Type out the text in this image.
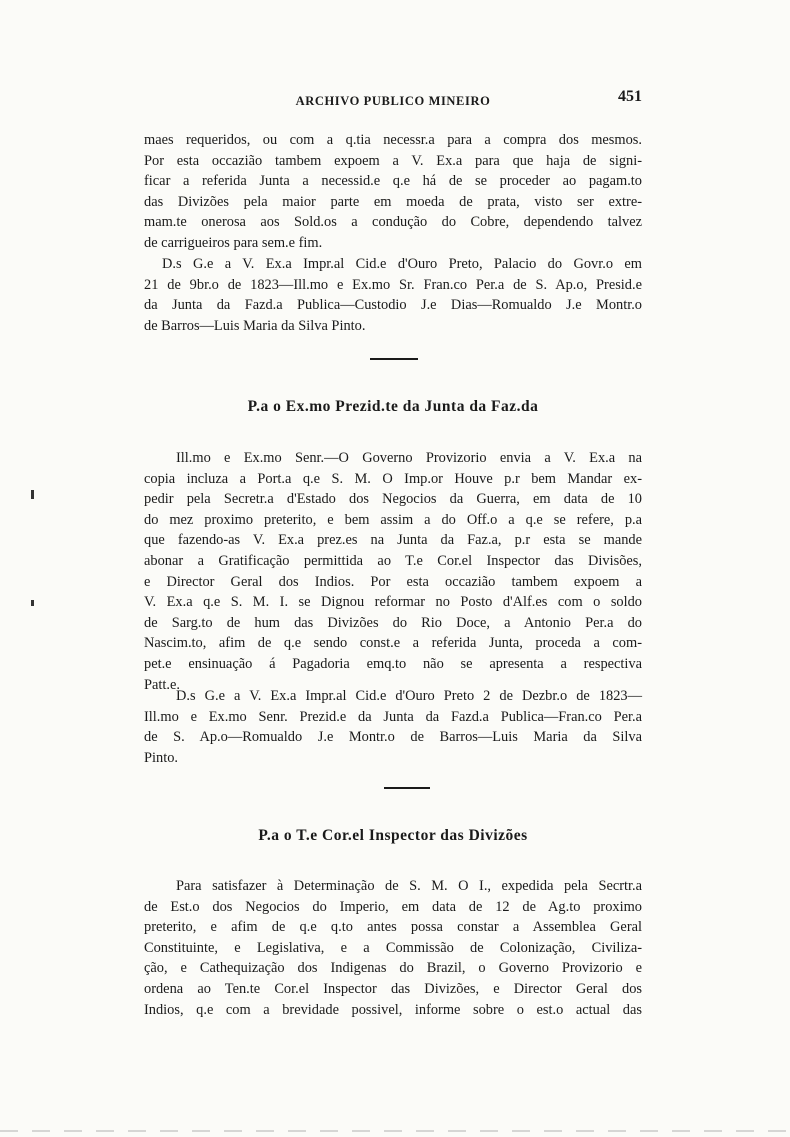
ARCHIVO PUBLICO MINEIRO	451
maes requeridos, ou com a q.tia necessr.a para a compra dos mesmos.
Por esta occazião tambem expoem a V. Ex.a para que haja de signi-
ficar a referida Junta a necessid.e q.e há de se proceder ao pagam.to
das Divizões pela maior parte em moeda de prata, visto ser extre-
mam.te onerosa aos Sold.os a condução do Cobre, dependendo talvez
de carrigueiros para sem.e fim.
D.s G.e a V. Ex.a Impr.al Cid.e d'Ouro Preto, Palacio do Govr.o em
21 de 9br.o de 1823—Ill.mo e Ex.mo Sr. Fran.co Per.a de S. Ap.o, Presid.e
da Junta da Fazd.a Publica—Custodio J.e Dias—Romualdo J.e Montr.o
de Barros—Luis Maria da Silva Pinto.
P.a o Ex.mo Prezid.te da Junta da Faz.da
Ill.mo e Ex.mo Senr.—O Governo Provizorio envia a V. Ex.a na
copia incluza a Port.a q.e S. M. O Imp.or Houve p.r bem Mandar ex-
pedir pela Secretr.a d'Estado dos Negocios da Guerra, em data de 10
do mez proximo preterito, e bem assim a do Off.o a q.e se refere, p.a
que fazendo-as V. Ex.a prez.es na Junta da Faz.a, p.r esta se mande
abonar a Gratificação permittida ao T.e Cor.el Inspector das Divisões,
e Director Geral dos Indios. Por esta occazião tambem expoem a
V. Ex.a q.e S. M. I. se Dignou reformar no Posto d'Alf.es com o soldo
de Sarg.to de hum das Divizões do Rio Doce, a Antonio Per.a do
Nascim.to, afim de q.e sendo const.e a referida Junta, proceda a com-
pet.e ensinuação á Pagadoria emq.to não se apresenta a respectiva
Patt.e.
D.s G.e a V. Ex.a Impr.al Cid.e d'Ouro Preto 2 de Dezbr.o de 1823—
Ill.mo e Ex.mo Senr. Prezid.e da Junta da Fazd.a Publica—Fran.co Per.a
de S. Ap.o—Romualdo J.e Montr.o de Barros—Luis Maria da Silva
Pinto.
P.a o T.e Cor.el Inspector das Divizões
Para satisfazer à Determinação de S. M. O I., expedida pela Secrtr.a
de Est.o dos Negocios do Imperio, em data de 12 de Ag.to proximo
preterito, e afim de q.e q.to antes possa constar a Assemblea Geral
Constituinte, e Legislativa, e a Commissão de Colonização, Civiliza-
ção, e Cathequização dos Indigenas do Brazil, o Governo Provizorio e
ordena ao Ten.te Cor.el Inspector das Divizões, e Director Geral dos
Indios, q.e com a brevidade possivel, informe sobre o est.o actual das
